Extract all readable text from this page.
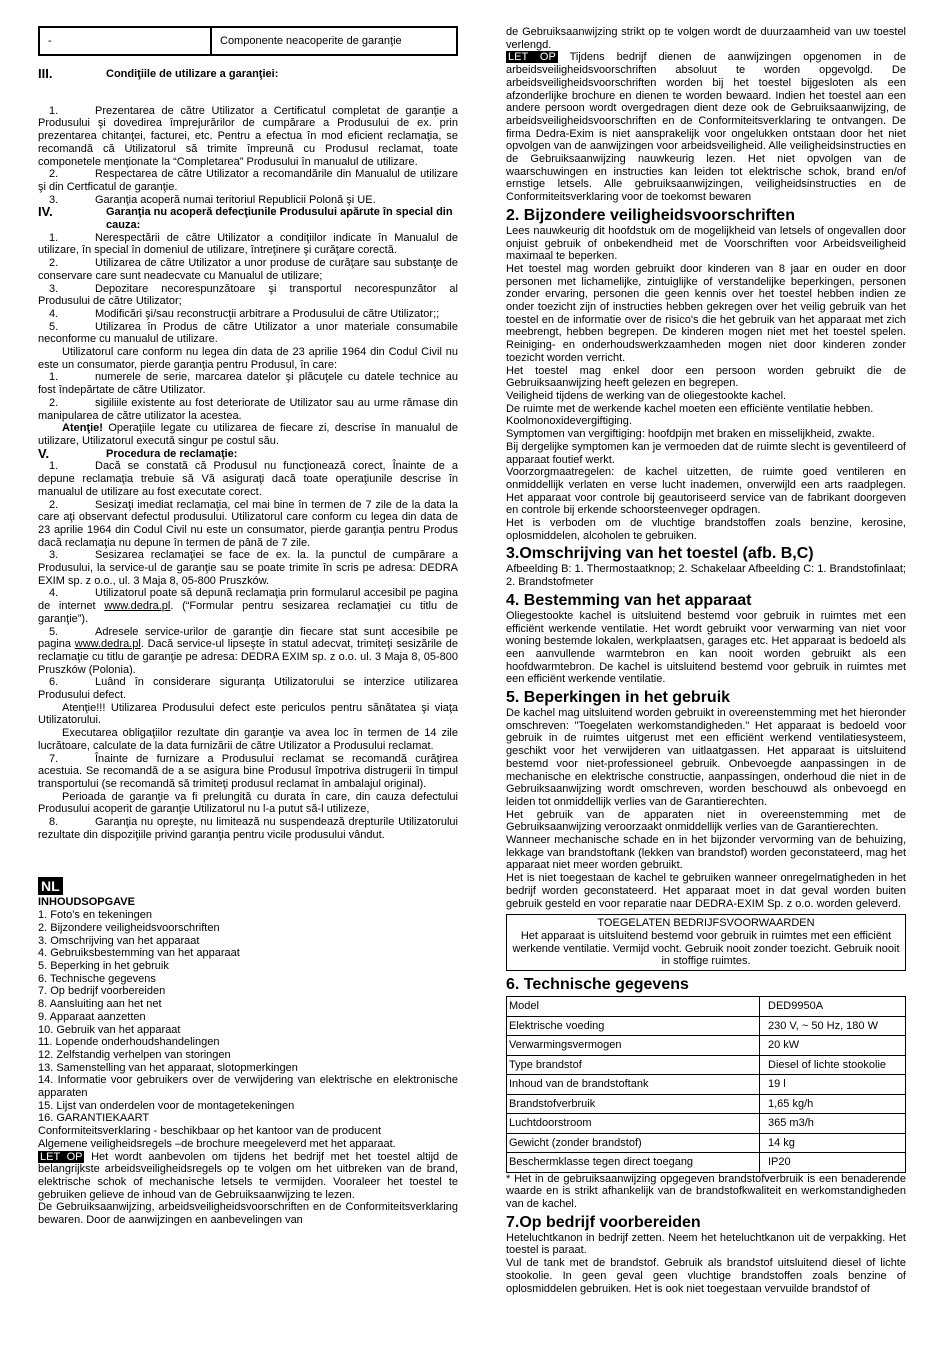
-	Componente neacoperite de garanţie
III.	Condiţiile de utilizare a garanţiei:
1.	Prezentarea de către Utilizator a Certificatul completat de garanţie a Produsului şi dovedirea împrejurărilor de cumpărare a Produsului de ex. prin prezentarea chitanţei, facturei, etc. Pentru a efectua în mod eficient reclamaţia, se recomandă că Utilizatorul să trimite împreună cu Produsul reclamat, toate componetele menţionate la “Completarea” Produsului în manualul de utilizare.
2.	Respectarea de către Utilizator a recomandările din Manualul de utilizare şi din Certficatul de garanţie.
3.	Garanţia acoperă numai teritoriul Republicii Polonă şi UE.
IV.	Garanţia nu acoperă defecţiunile Produsului apărute în special din cauza:
1.	Nerespectării de către Utilizator a condiţiilor indicate în Manualul de utilizare, în special în domeniul de utilizare, întreţinere şi curăţare corectă.
2.	Utilizarea de către Utilizator a unor produse de curăţare sau substanţe de conservare care sunt neadecvate cu Manualul de utilizare;
3.	Depozitare necorespunzătoare şi transportul necorespunzător al Produsului de către Utilizator;
4.	Modificări şi/sau reconstrucţii arbitrare a Produsului de către Utilizator;;
5.	Utilizarea în Produs de către Utilizator a unor materiale consumabile neconforme cu manualul de utilizare.

Utilizatorul care conform nu legea din data de 23 aprilie 1964 din Codul Civil nu este un consumator, pierde garanţia pentru Produsul, în care:

1.	numerele de serie, marcarea datelor şi plăcuţele cu datele technice au fost îndepărtate de către Utilizator.
2.	sigiliile existente au fost deteriorate de Utilizator sau au urme rămase din manipularea de către utilizator la acestea.

Atenţie! Operaţiile legate cu utilizarea de fiecare zi, descrise în manualul de utilizare, Utilizatorul execută singur pe costul său.

V.	Procedura de reclamaţie:
1.	Dacă se constată că Produsul nu funcţionează corect, Înainte de a depune reclamaţia trebuie să Vă asiguraţi dacă toate operaţiunile descrise în manualul de utilizare au fost executate corect.
2.	Sesizaţi imediat reclamaţia, cel mai bine în termen de 7 zile de la data la care aţi observant defectul produsului. Utilizatorul care conform cu legea din data de 23 aprilie 1964 din Codul Civil nu este un consumator, pierde garanţia pentru Produs dacă reclamaţia nu depune în termen de până de 7 zile.
3.	Sesizarea reclamaţiei se face de ex. la. la punctul de cumpărare a Produsului, la service-ul de garanţie sau se poate trimite în scris pe adresa: DEDRA EXIM sp. z o.o., ul. 3 Maja 8, 05-800 Pruszków.
4.	Utilizatorul poate să depună reclamaţia prin formularul accesibil pe pagina de internet www.dedra.pl. (“Formular pentru sesizarea reclamaţiei cu titlu de garanţie”).
5.	Adresele service-urilor de garanţie din fiecare stat sunt accesibile pe pagina www.dedra.pl. Dacă service-ul lipseşte în statul adecvat, trimiteţi sesizările de reclamaţie cu titlu de garanţie pe adresa: DEDRA EXIM sp. z o.o. ul. 3 Maja 8, 05-800 Pruszków (Polonia).
6.	Luând în considerare siguranţa Utilizatorului se interzice utilizarea Produsului defect.

Atenţie!!! Utilizarea Produsului defect este periculos pentru sănătatea şi viaţa Utilizatorului.

Executarea obligaţiilor rezultate din garanţie va avea loc în termen de 14 zile lucrătoare, calculate de la data furnizării de către Utilizator a Produsului reclamat.

7.	Înainte de furnizare a Produsului reclamat se recomandă curăţirea acestuia. Se recomandă de a se asigura bine Produsul împotriva distrugerii în timpul transportului (se recomandă să trimiteţi produsul reclamat în ambalajul original).

Perioada de garanţie va fi prelungită cu durata în care, din cauza defectului Produsului acoperit de garanţie Utilizatorul nu l-a putut să-l utilizeze,

8.	Garanţia nu opreşte, nu limitează nu suspendează drepturile Utilizatorului rezultate din dispoziţiile privind garanţia pentru vicile produsului vândut.
NL

INHOUDSOPGAVE

1. Foto's en tekeningen

2. Bijzondere veiligheidsvoorschriften

3. Omschrijving van het apparaat

4. Gebruiksbestemming van het apparaat

5. Beperking in het gebruik

6. Technische gegevens

7. Op bedrijf voorbereiden

8. Aansluiting aan het net

9. Apparaat aanzetten

10. Gebruik van het apparaat

11. Lopende onderhoudshandelingen

12. Zelfstandig verhelpen van storingen

13. Samenstelling van het apparaat, slotopmerkingen

14. Informatie voor gebruikers over de verwijdering van elektrische en elektronische apparaten

15. Lijst van onderdelen voor de montagetekeningen

16. GARANTIEKAART

Conformiteitsverklaring - beschikbaar op het kantoor van de producent

Algemene veiligheidsregels –de brochure meegeleverd met het apparaat.

LET OP Het wordt aanbevolen om tijdens het bedrijf met het toestel altijd de belangrijkste arbeidsveiligheidsregels op te volgen om het uitbreken van de brand, elektrische schok of mechanische letsels te vermijden. Vooraleer het toestel te gebruiken gelieve de inhoud van de Gebruiksaanwijzing te lezen.

De Gebruiksaanwijzing, arbeidsveiligheidsvoorschriften en de Conformiteitsverklaring bewaren. Door de aanwijzingen en aanbevelingen van

de Gebruiksaanwijzing strikt op te volgen wordt de duurzaamheid van uw toestel verlengd.

LET OP Tijdens bedrijf dienen de aanwijzingen opgenomen in de arbeidsveiligheidsvoorschriften absoluut te worden opgevolgd. De arbeidsveiligheidsvoorschriften worden bij het toestel bijgesloten als een afzonderlijke brochure en dienen te worden bewaard. Indien het toestel aan een andere persoon wordt overgedragen dient deze ook de Gebruiksaanwijzing, de arbeidsveiligheidsvoorschriften en de Conformiteitsverklaring te ontvangen. De firma Dedra-Exim is niet aansprakelijk voor ongelukken ontstaan door het niet opvolgen van de aanwijzingen voor arbeidsveiligheid. Alle veiligheidsinstructies en de Gebruiksaanwijzing nauwkeurig lezen. Het niet opvolgen van de waarschuwingen en instructies kan leiden tot elektrische schok, brand en/of ernstige letsels. Alle gebruiksaanwijzingen, veiligheidsinstructies en de Conformiteitsverklaring voor de toekomst bewaren

2. Bijzondere veiligheidsvoorschriften

Lees nauwkeurig dit hoofdstuk om de mogelijkheid van letsels of ongevallen door onjuist gebruik of onbekendheid met de Voorschriften voor Arbeidsveiligheid maximaal te beperken.

Het toestel mag worden gebruikt door kinderen van 8 jaar en ouder en door personen met lichamelijke, zintuiglijke of verstandelijke beperkingen, personen zonder ervaring, personen die geen kennis over het toestel hebben indien ze onder toezicht zijn of instructies hebben gekregen over het veilig gebruik van het toestel en de informatie over de risico's die het gebruik van het apparaat met zich meebrengt, hebben begrepen. De kinderen mogen niet met het toestel spelen. Reiniging- en onderhoudswerkzaamheden mogen niet door kinderen zonder toezicht worden verricht.

Het toestel mag enkel door een persoon worden gebruikt die de Gebruiksaanwijzing heeft gelezen en begrepen.

Veiligheid tijdens de werking van de oliegestookte kachel.

De ruimte met de werkende kachel moeten een efficiënte ventilatie hebben.

Koolmonoxidevergiftiging.

Symptomen van vergiftiging: hoofdpijn met braken en misselijkheid, zwakte.

Bij dergelijke symptomen kan je vermoeden dat de ruimte slecht is geventileerd of apparaat foutief werkt.

Voorzorgmaatregelen: de kachel uitzetten, de ruimte goed ventileren en onmiddellijk verlaten en verse lucht inademen, onverwijld een arts raadplegen. Het apparaat voor controle bij geautoriseerd service van de fabrikant doorgeven en controle bij erkende schoorsteenveger opdragen.

Het is verboden om de vluchtige brandstoffen zoals benzine, kerosine, oplosmiddelen, alcoholen te gebruiken.

3.Omschrijving van het toestel (afb. B,C)

Afbeelding B: 1. Thermostaatknop; 2. Schakelaar Afbeelding C: 1. Brandstofinlaat; 2. Brandstofmeter

4. Bestemming van het apparaat

Oliegestookte kachel is uitsluitend bestemd voor gebruik in ruimtes met een efficiënt werkende ventilatie. Het wordt gebruikt voor verwarming van niet voor woning bestemde lokalen, werkplaatsen, garages etc. Het apparaat is bedoeld als een aanvullende warmtebron en kan nooit worden gebruikt als een hoofdwarmtebron. De kachel is uitsluitend bestemd voor gebruik in ruimtes met een efficiënt werkende ventilatie.

5. Beperkingen in het gebruik

De kachel mag uitsluitend worden gebruikt in overeenstemming met het hieronder omschreven: "Toegelaten werkomstandigheden." Het apparaat is bedoeld voor gebruik in de ruimtes uitgerust met een efficiënt werkend ventilatiesysteem, geschikt voor het verwijderen van uitlaatgassen. Het apparaat is uitsluitend bestemd voor niet-professioneel gebruik. Onbevoegde aanpassingen in de mechanische en elektrische constructie, aanpassingen, onderhoud die niet in de Gebruiksaanwijzing wordt omschreven, worden beschouwd als onbevoegd en leiden tot onmiddellijk verlies van de Garantierechten.

Het gebruik van de apparaten niet in overeenstemming met de Gebruiksaanwijzing veroorzaakt onmiddellijk verlies van de Garantierechten.

Wanneer mechanische schade en in het bijzonder vervorming van de behuizing, lekkage van brandstoftank (lekken van brandstof) worden geconstateerd, mag het apparaat niet meer worden gebruikt.

Het is niet toegestaan de kachel te gebruiken wanneer onregelmatigheden in het bedrijf worden geconstateerd. Het apparaat moet in dat geval worden buiten gebruik gesteld en voor reparatie naar DEDRA-EXIM Sp. z o.o. worden geleverd.

TOEGELATEN BEDRIJFSVOORWAARDEN
Het apparaat is uitsluitend bestemd voor gebruik in ruimtes met een efficiënt werkende ventilatie. Vermijd vocht. Gebruik nooit zonder toezicht. Gebruik nooit in stoffige ruimtes.
6. Technische gegevens
Model	DED9950A
Elektrische voeding	230 V, ~ 50 Hz, 180 W
Verwarmingsvermogen	20 kW
Type brandstof	Diesel of lichte stookolie
Inhoud van de brandstoftank	19 l
Brandstofverbruik	1,65 kg/h
Luchtdoorstroom	365 m3/h
Gewicht (zonder brandstof)	14 kg
Beschermklasse tegen direct toegang	IP20

* Het in de gebruiksaanwijzing opgegeven brandstofverbruik is een benaderende waarde en is strikt afhankelijk van de brandstofkwaliteit en werkomstandigheden van de kachel.

7.Op bedrijf voorbereiden

Heteluchtkanon in bedrijf zetten. Neem het heteluchtkanon uit de verpakking. Het toestel is paraat.

Vul de tank met de brandstof. Gebruik als brandstof uitsluitend diesel of lichte stookolie. In geen geval geen vluchtige brandstoffen zoals benzine of oplosmiddelen gebruiken. Het is ook niet toegestaan vervuilde brandstof of
